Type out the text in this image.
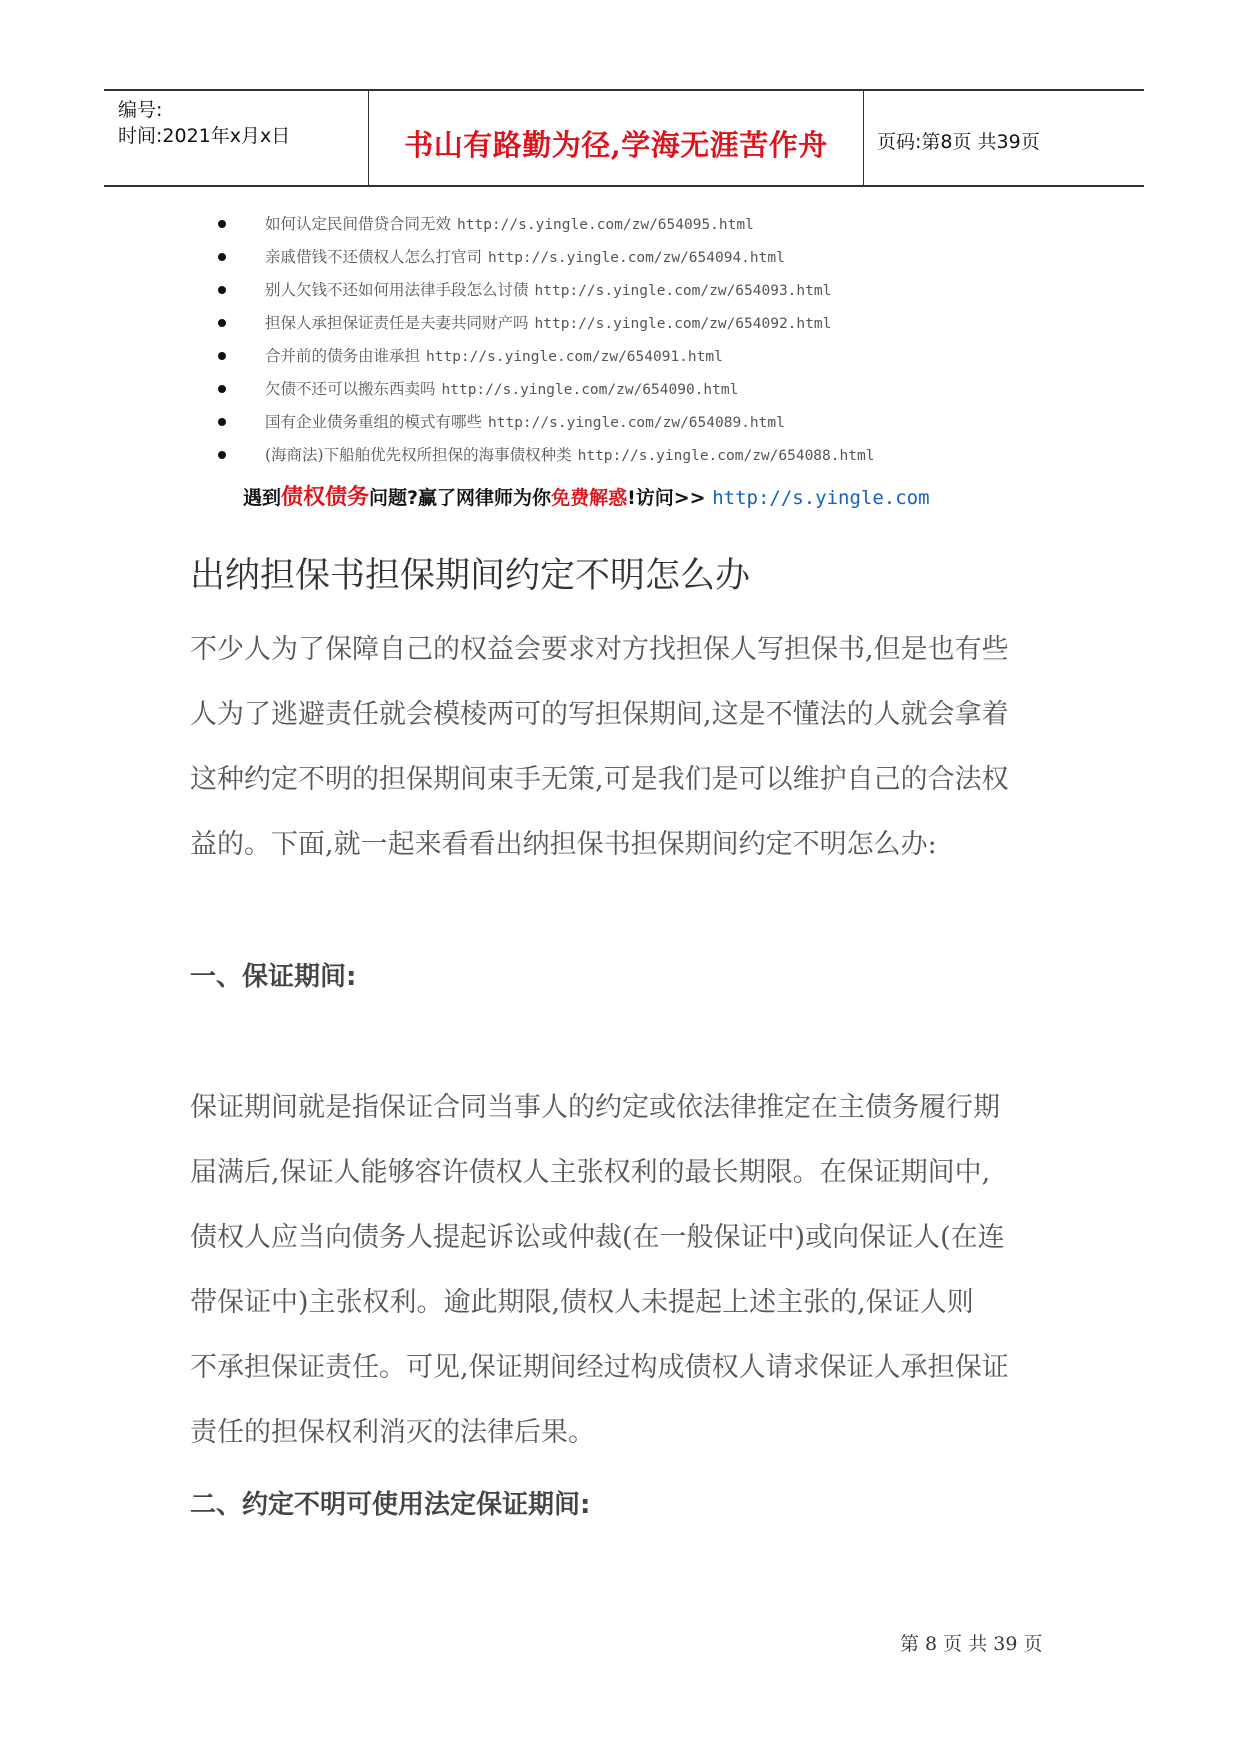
编号:
时间:2021年x月x日	书山有路勤为径,学海无涯苦作舟	页码:第8页 共39页
如何认定民间借贷合同无效 http://s.yingle.com/zw/654095.html
亲戚借钱不还债权人怎么打官司 http://s.yingle.com/zw/654094.html
别人欠钱不还如何用法律手段怎么讨债 http://s.yingle.com/zw/654093.html
担保人承担保证责任是夫妻共同财产吗 http://s.yingle.com/zw/654092.html
合并前的债务由谁承担 http://s.yingle.com/zw/654091.html
欠债不还可以搬东西卖吗 http://s.yingle.com/zw/654090.html
国有企业债务重组的模式有哪些 http://s.yingle.com/zw/654089.html
(海商法)下船舶优先权所担保的海事债权种类 http://s.yingle.com/zw/654088.html
遇到债权债务问题?赢了网律师为你免费解惑!访问>> http://s.yingle.com
出纳担保书担保期间约定不明怎么办
不少人为了保障自己的权益会要求对方找担保人写担保书,但是也有些
人为了逃避责任就会模棱两可的写担保期间,这是不懂法的人就会拿着
这种约定不明的担保期间束手无策,可是我们是可以维护自己的合法权
益的。下面,就一起来看看出纳担保书担保期间约定不明怎么办:
一、保证期间:
保证期间就是指保证合同当事人的约定或依法律推定在主债务履行期
届满后,保证人能够容许债权人主张权利的最长期限。在保证期间中,
债权人应当向债务人提起诉讼或仲裁(在一般保证中)或向保证人(在连
带保证中)主张权利。逾此期限,债权人未提起上述主张的,保证人则
不承担保证责任。可见,保证期间经过构成债权人请求保证人承担保证
责任的担保权利消灭的法律后果。
二、约定不明可使用法定保证期间:
第 8 页 共 39 页
